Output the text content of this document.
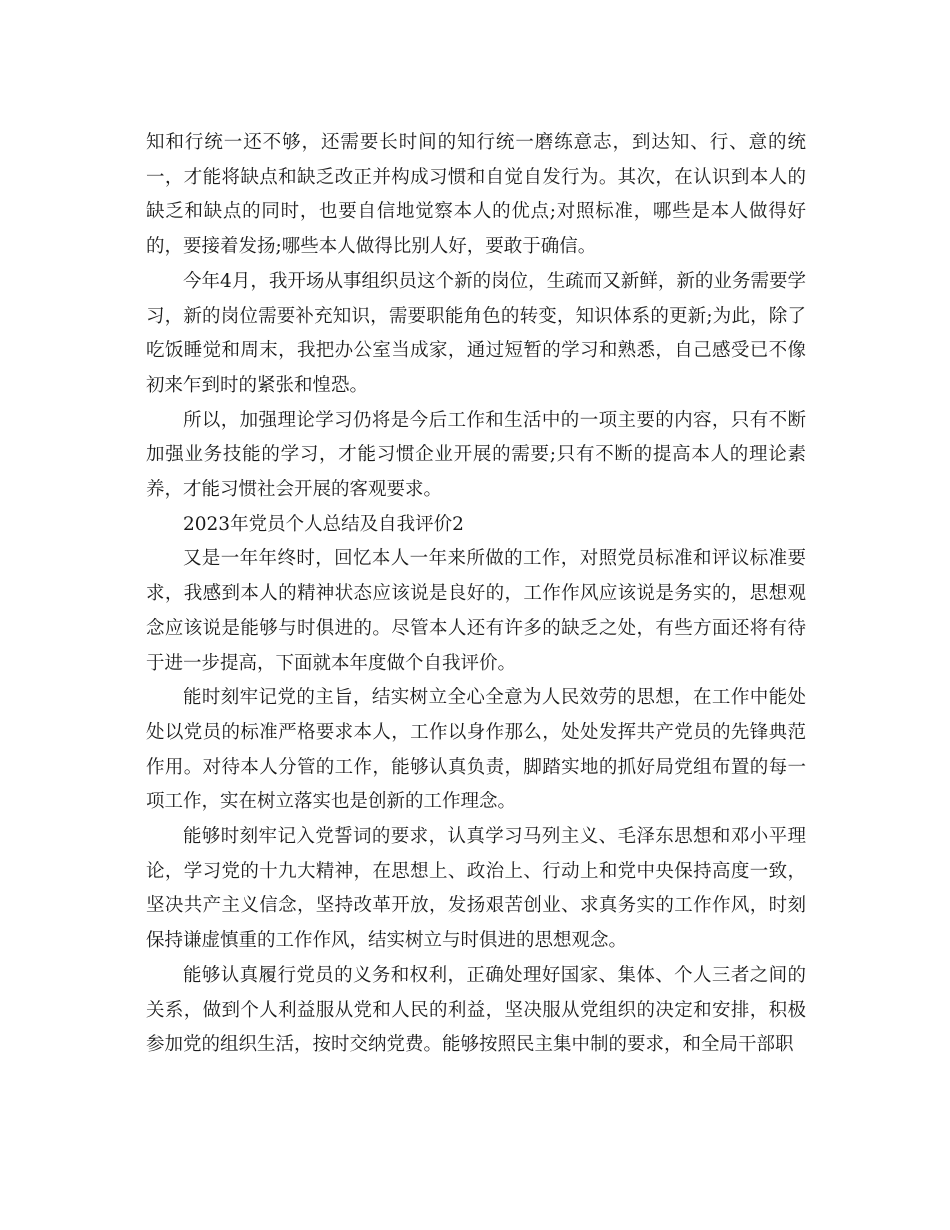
知和行统一还不够，还需要长时间的知行统一磨练意志，到达知、行、意的统一，才能将缺点和缺乏改正并构成习惯和自觉自发行为。其次，在认识到本人的缺乏和缺点的同时，也要自信地觉察本人的优点;对照标准，哪些是本人做得好的，要接着发扬;哪些本人做得比别人好，要敢于确信。

今年4月，我开场从事组织员这个新的岗位，生疏而又新鲜，新的业务需要学习，新的岗位需要补充知识，需要职能角色的转变，知识体系的更新;为此，除了吃饭睡觉和周末，我把办公室当成家，通过短暂的学习和熟悉，自己感受已不像初来乍到时的紧张和惶恐。

所以，加强理论学习仍将是今后工作和生活中的一项主要的内容，只有不断加强业务技能的学习，才能习惯企业开展的需要;只有不断的提高本人的理论素养，才能习惯社会开展的客观要求。

2023年党员个人总结及自我评价2

又是一年年终时，回忆本人一年来所做的工作，对照党员标准和评议标准要求，我感到本人的精神状态应该说是良好的，工作作风应该说是务实的，思想观念应该说是能够与时俱进的。尽管本人还有许多的缺乏之处，有些方面还将有待于进一步提高，下面就本年度做个自我评价。

能时刻牢记党的主旨，结实树立全心全意为人民效劳的思想，在工作中能处处以党员的标准严格要求本人，工作以身作那么，处处发挥共产党员的先锋典范作用。对待本人分管的工作，能够认真负责，脚踏实地的抓好局党组布置的每一项工作，实在树立落实也是创新的工作理念。

能够时刻牢记入党誓词的要求，认真学习马列主义、毛泽东思想和邓小平理论，学习党的十九大精神，在思想上、政治上、行动上和党中央保持高度一致，坚决共产主义信念，坚持改革开放，发扬艰苦创业、求真务实的工作作风，时刻保持谦虚慎重的工作作风，结实树立与时俱进的思想观念。

能够认真履行党员的义务和权利，正确处理好国家、集体、个人三者之间的关系，做到个人利益服从党和人民的利益，坚决服从党组织的决定和安排，积极参加党的组织生活，按时交纳党费。能够按照民主集中制的要求，和全局干部职
